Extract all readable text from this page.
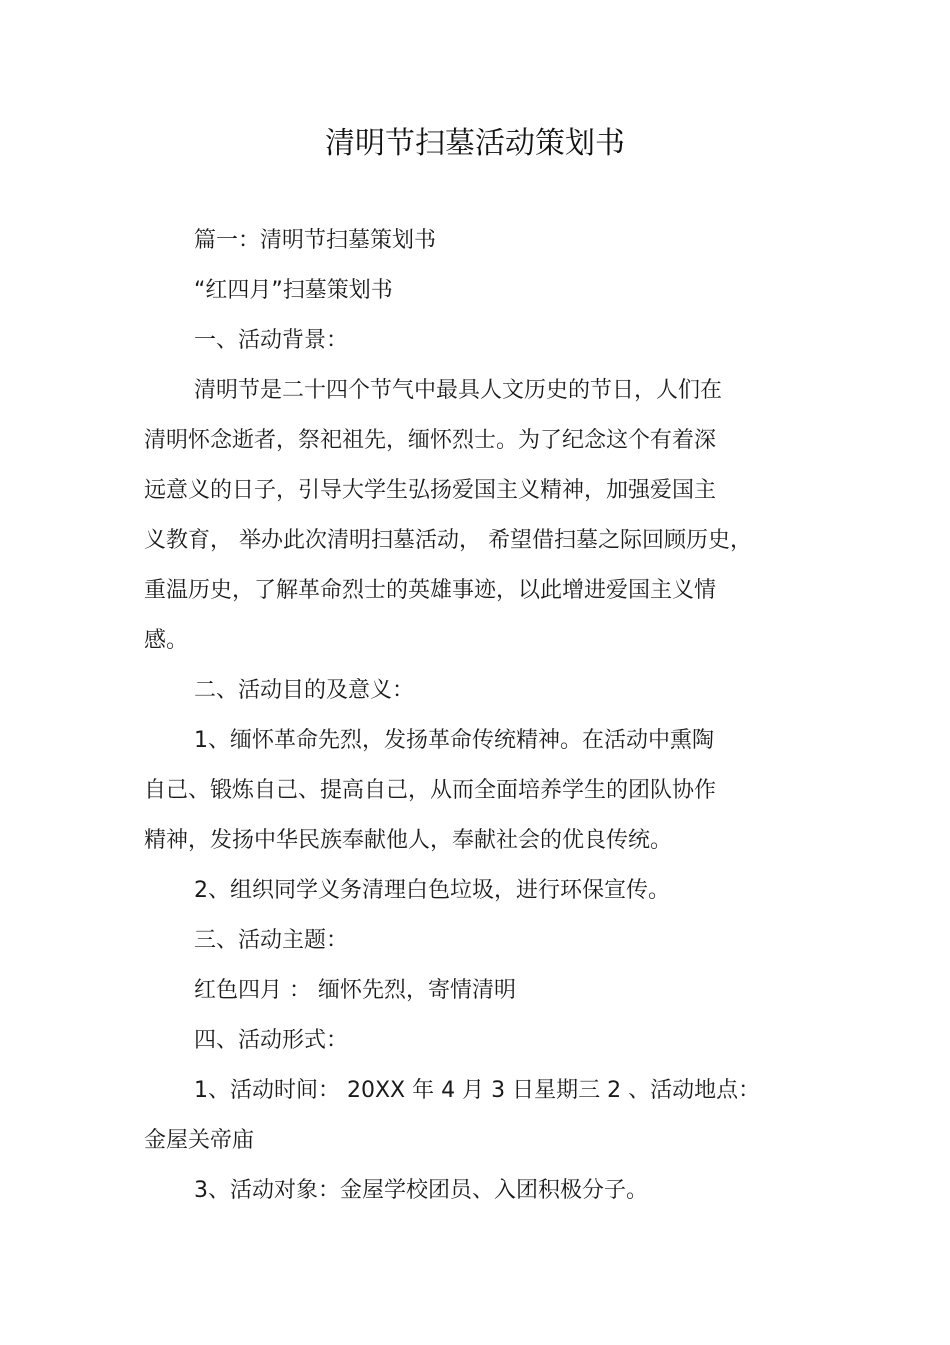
清明节扫墓活动策划书
篇一：清明节扫墓策划书
“红四月”扫墓策划书
一、活动背景：
清明节是二十四个节气中最具人文历史的节日，人们在
清明怀念逝者，祭祀祖先，缅怀烈士。为了纪念这个有着深
远意义的日子，引导大学生弘扬爱国主义精神，加强爱国主
义教育， 举办此次清明扫墓活动， 希望借扫墓之际回顾历史，
重温历史，了解革命烈士的英雄事迹，以此增进爱国主义情
感。
二、活动目的及意义：
1、缅怀革命先烈，发扬革命传统精神。在活动中熏陶
自己、锻炼自己、提高自己，从而全面培养学生的团队协作
精神，发扬中华民族奉献他人，奉献社会的优良传统。
2、组织同学义务清理白色垃圾，进行环保宣传。
三、活动主题：
红色四月 ： 缅怀先烈，寄情清明
四、活动形式：
1、活动时间： 20XX 年 4 月 3 日星期三 2 、活动地点：
金屋关帝庙
3、活动对象：金屋学校团员、入团积极分子。
